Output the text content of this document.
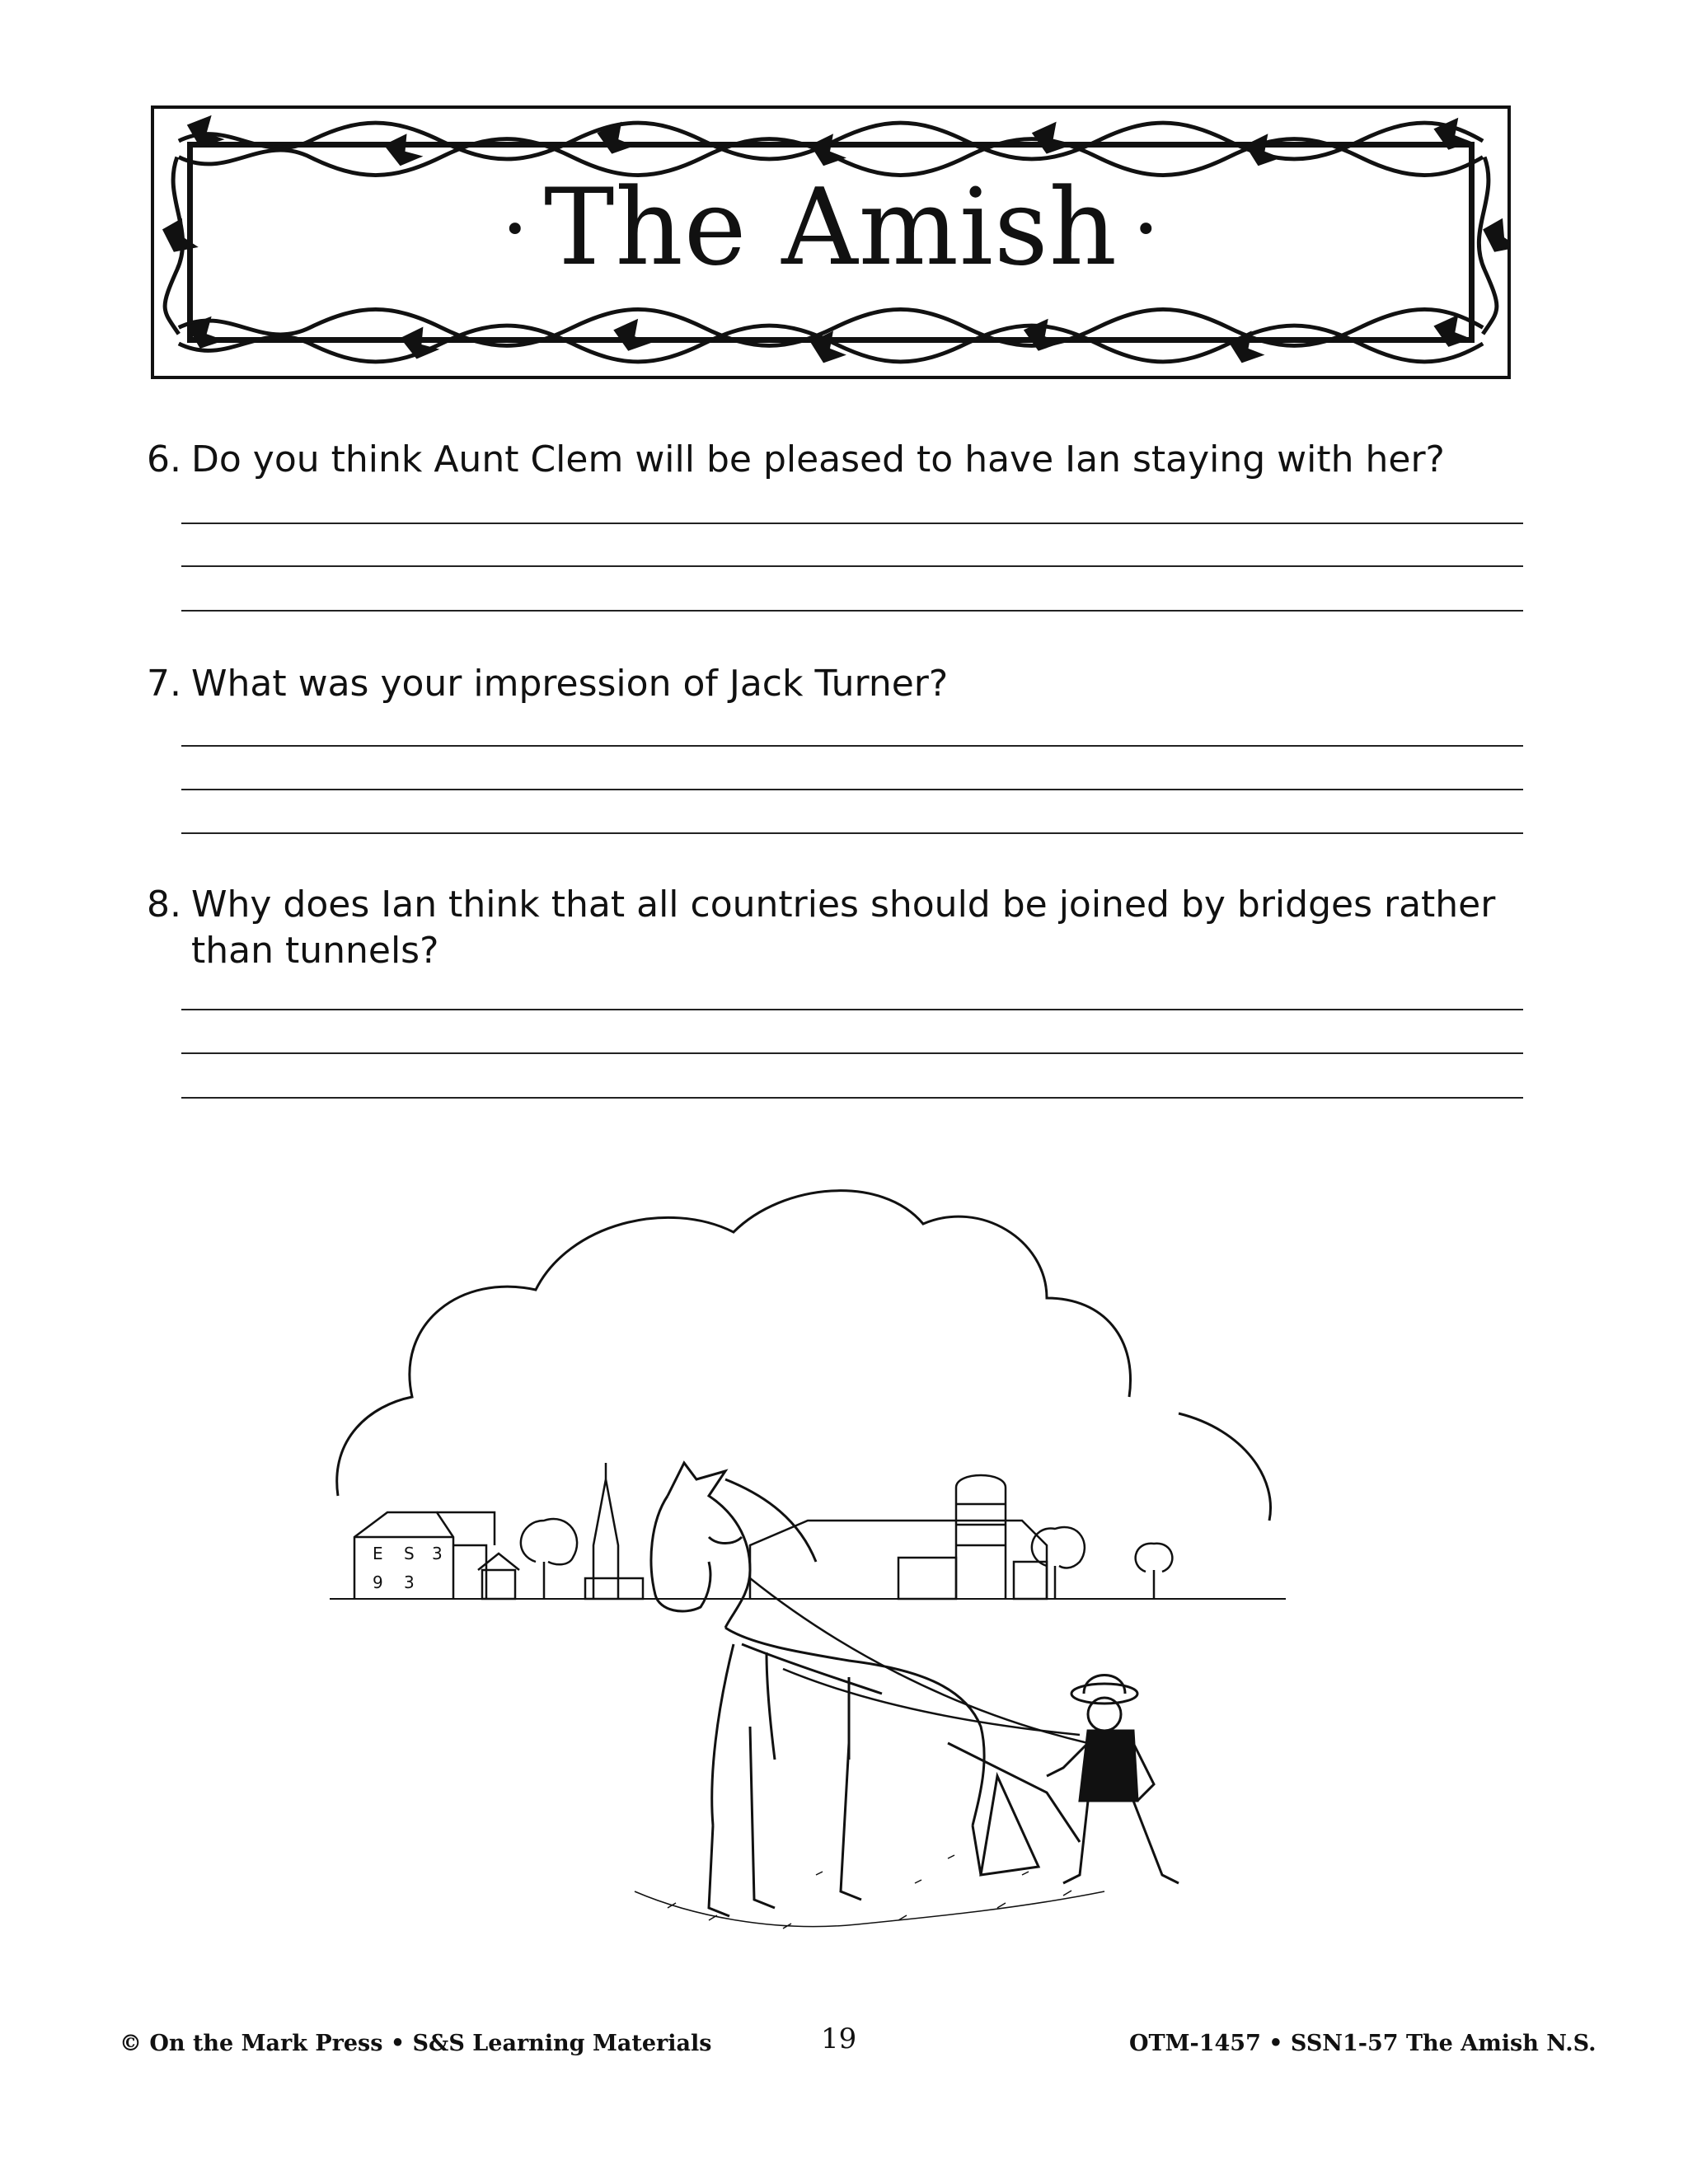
• The Amish •
6. Do you think Aunt Clem will be pleased to have Ian staying with her?
7. What was your impression of Jack Turner?
8. Why does Ian think that all countries should be joined by bridges rather than tunnels?
E S 3
9 3
© On the Mark Press • S&S Learning Materials	19	OTM-1457 • SSN1-57 The Amish N.S.
